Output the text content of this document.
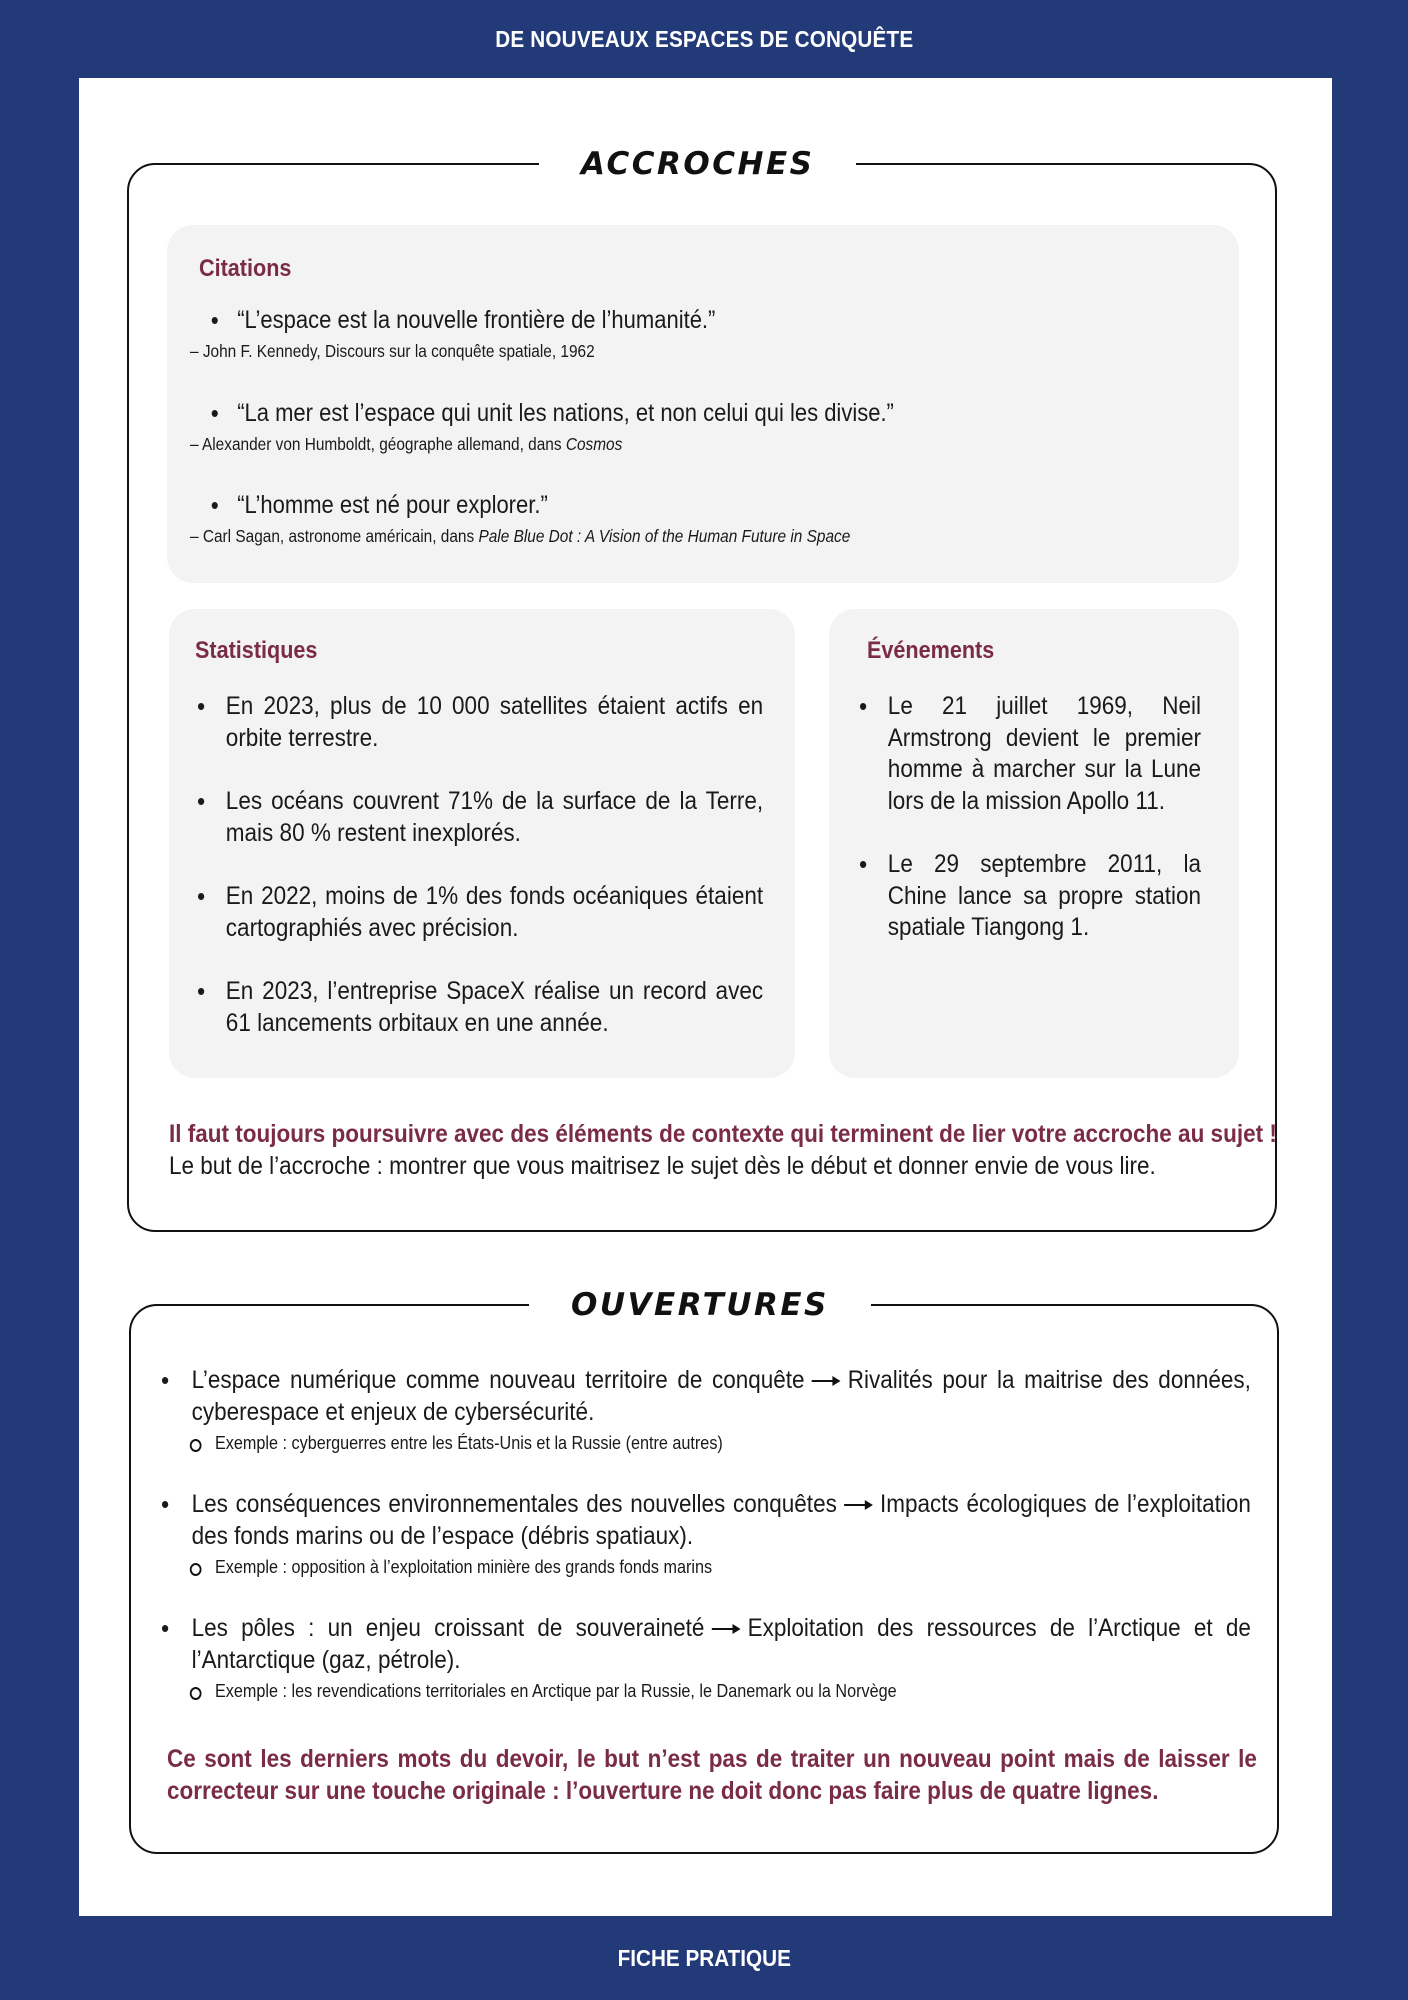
DE NOUVEAUX ESPACES DE CONQUÊTE
ACCROCHES
Citations
• “L’espace est la nouvelle frontière de l’humanité.”
– John F. Kennedy, Discours sur la conquête spatiale, 1962
• “La mer est l’espace qui unit les nations, et non celui qui les divise.”
– Alexander von Humboldt, géographe allemand, dans Cosmos
• “L’homme est né pour explorer.”
– Carl Sagan, astronome américain, dans Pale Blue Dot : A Vision of the Human Future in Space
Statistiques
• En 2023, plus de 10 000 satellites étaient actifs en orbite terrestre.
• Les océans couvrent 71% de la surface de la Terre, mais 80 % restent inexplorés.
• En 2022, moins de 1% des fonds océaniques étaient cartographiés avec précision.
• En 2023, l’entreprise SpaceX réalise un record avec 61 lancements orbitaux en une année.
Événements
• Le 21 juillet 1969, Neil Armstrong devient le premier homme à marcher sur la Lune lors de la mission Apollo 11.
• Le 29 septembre 2011, la Chine lance sa propre station spatiale Tiangong 1.
Il faut toujours poursuivre avec des éléments de contexte qui terminent de lier votre accroche au sujet !
Le but de l’accroche : montrer que vous maitrisez le sujet dès le début et donner envie de vous lire.
OUVERTURES
• L’espace numérique comme nouveau territoire de conquête Rivalités pour la maitrise des données, cyberespace et enjeux de cybersécurité.
Exemple : cyberguerres entre les États-Unis et la Russie (entre autres)
• Les conséquences environnementales des nouvelles conquêtes Impacts écologiques de l’exploitation des fonds marins ou de l’espace (débris spatiaux).
Exemple : opposition à l’exploitation minière des grands fonds marins
• Les pôles : un enjeu croissant de souveraineté Exploitation des ressources de l’Arctique et de l’Antarctique (gaz, pétrole).
Exemple : les revendications territoriales en Arctique par la Russie, le Danemark ou la Norvège
Ce sont les derniers mots du devoir, le but n’est pas de traiter un nouveau point mais de laisser le correcteur sur une touche originale : l’ouverture ne doit donc pas faire plus de quatre lignes.
FICHE PRATIQUE
